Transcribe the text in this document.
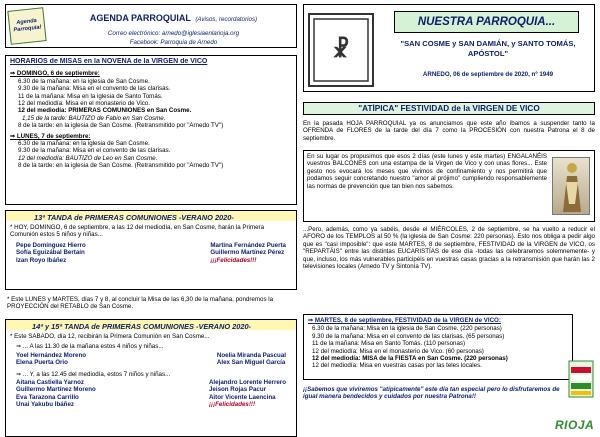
Agenda Parroquial
AGENDA PARROQUIAL (Avisos, recordatorios)
Correo electrónico: arnedo@iglesiaenlarioja.org
Facebook: Parroquia de Arnedo
HORARIOS de MISAS en la NOVENA de la VIRGEN de VICO
⇒ DOMINGO, 6 de septiembre:
6.30 de la mañana: en la iglesia de San Cosme.
9.30 de la mañana: Misa en el convento de las clarisas.
11 de la mañana: Misa en la iglesia de Santo Tomás.
12 del mediodía: Misa en el monasterio de Vico.
12 del mediodía: PRIMERAS COMUNIONES en San Cosme.
1,15 de la tarde: BAUTIZO de Fabio en San Cosme.
8 de la tarde: en la iglesia de San Cosme. (Retransmitido por "Arnedo TV")
⇒ LUNES, 7 de septiembre:
6.30 de la mañana: en la iglesia de San Cosme.
9.30 de la mañana: Misa en el convento de las clarisas.
12 del mediodía: BAUTIZO de Leo en San Cosme.
8 de la tarde: en la iglesia de San Cosme. (Retransmitido por "Arnedo TV")
13ª TANDA de PRIMERAS COMUNIONES -VERANO 2020-
* HOY, DOMINGO, 6 de septiembre, a las 12 del mediodía, en San Cosme, harán la Primera Comunión estos 5 niños y niñas...
Pepe Domínguez Hierro
Sofía Eguizábal Bertaín
Izan Royo Ibáñez
Martina Fernández Puerta
Guillermo Martínez Pérez
¡¡¡Felicidades!!!
* Este LUNES y MARTES, días 7 y 8, al concluir la Misa de las 6,30 de la mañana, pondremos la PROYECCIÓN del RETABLO de San Cosme.
14ª y 15ª TANDA de PRIMERAS COMUNIONES -VERANO 2020-
* Este SÁBADO, día 12, recibirán la Primera Comunión en San Cosme...
⇒ ... A las 11.30 de la mañana estos 4 niños y niñas...
Yoel Hernández Moreno
Elena Puerta Orio
Noelia Miranda Pascual
Alex San Miguel García
⇒ ... Y, a las 12.45 del mediodía, estos 7 niños y niñas...
Aitana Castiella Yarnoz
Guillermo Martínez Moreno
Eva Tarazona Carrillo
Unai Yakubu Ibáñez
Alejandro Lorente Herrero
Jeison Rojas Pacur
Aitor Vicente Laencina
¡¡¡Felicidades!!!
☧
NUESTRA PARROQUIA...
"SAN COSME y SAN DAMIÁN, y SANTO TOMÁS, APÓSTOL"
ARNEDO, 06 de septiembre de 2020, nº 1949
"ATÍPICA" FESTIVIDAD de la VIRGEN DE VICO
En la pasada HOJA PARROQUIAL ya os anunciamos que este año íbamos a suspender tanto la OFRENDA de FLORES de la tarde del día 7 como la PROCESIÓN con nuestra Patrona el 8 de septiembre.
En su lugar os propusimos que esos 2 días (este lunes y este martes) ENGALANÉIS vuestros BALCONES con una estampa de la Virgen de Vico y con unas flores... Este gesto nos evocará los meses que vivimos de confinamiento y nos permitirá que podamos seguir concretando nuestro "amor al prójimo" cumpliendo responsablemente las normas de prevención que tan bien nos sabemos.
...Pero, además, como ya sabéis, desde el MIÉRCOLES, 2 de septiembre, se ha vuelto a reducir el AFORO de los TEMPLOS al 50 % (la iglesia de San Cosme: 220 personas). Esto nos obliga a pedir algo que es "casi imposible": que este MARTES, 8 de septiembre, FESTIVIDAD de la VIRGEN de VICO, os "REPARTÁIS" entre las distintas EUCARISTÍAS de ese día -todas las celebraremos solemnemente- y que, incluso, los más vulnerables participéis en vuestras casas gracias a la retransmisión que harán las 2 televisiones locales (Arnedo TV y Sintonía TV).
⇒ MARTES, 8 de septiembre, FESTIVIDAD de la VIRGEN de VICO:
6.30 de la mañana: Misa en la iglesia de San Cosme. (220 personas)
9.30 de la mañana: Misa en el convento de las clarisas. (65 personas)
11 de la mañana: Misa en Santo Tomás. (110 personas)
12 del mediodía: Misa en el monasterio de Vico. (60 personas)
12 del mediodía: MISA de la FIESTA en San Cosme. (220 personas)
12 del mediodía: Misa en vuestras casas por las teles locales.
¡¡Sabemos que viviremos "atípicamente" este día tan especial pero lo disfrutaremos de igual manera bendecidos y cuidados por nuestra Patrona!!
RIOJA
